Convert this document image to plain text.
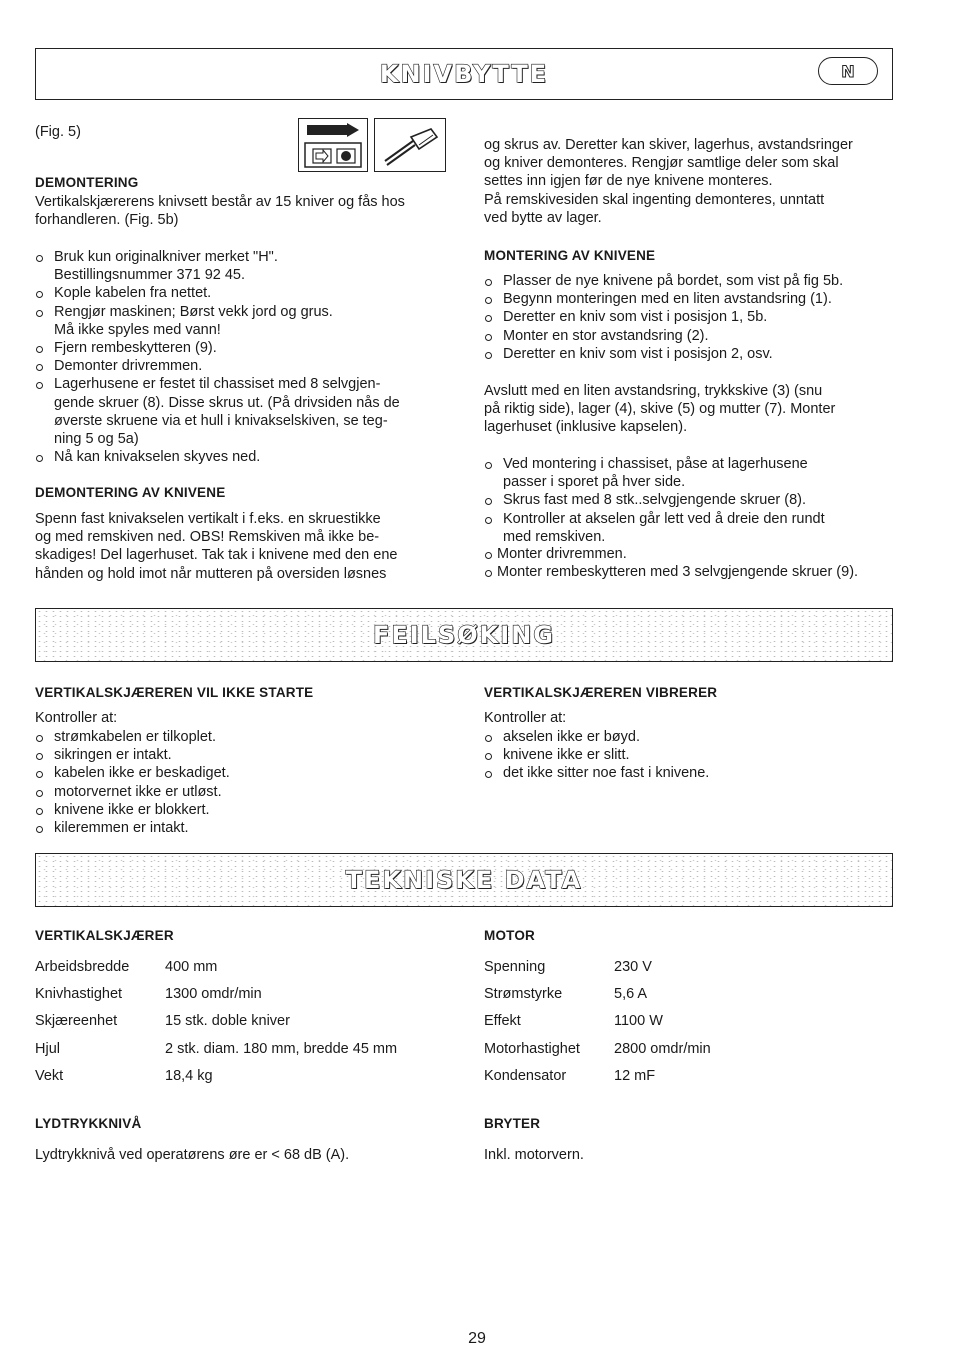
KNIVBYTTE	N
(Fig. 5)
DEMONTERING
Vertikalskjærerens knivsett består av 15 kniver og fås hos
forhandleren. (Fig. 5b)
Bruk kun originalkniver merket "H".
Bestillingsnummer 371 92 45.
Kople kabelen fra nettet.
Rengjør maskinen; Børst vekk jord og grus.
Må ikke spyles med vann!
Fjern rembeskytteren (9).
Demonter drivremmen.
Lagerhusene er festet til chassiset med 8 selvgjen-
gende skruer (8). Disse skrus ut. (På drivsiden nås de
øverste skruene via et hull i knivakselskiven, se teg-
ning 5 og 5a)
Nå kan knivakselen skyves ned.
DEMONTERING AV KNIVENE
Spenn fast knivakselen vertikalt i f.eks. en skruestikke
og med remskiven ned. OBS! Remskiven må ikke be-
skadiges! Del lagerhuset. Tak tak i knivene med den ene
hånden og hold imot når mutteren på oversiden løsnes
og skrus av. Deretter kan skiver, lagerhus, avstandsringer
og kniver demonteres. Rengjør samtlige deler som skal
settes inn igjen før de nye knivene monteres.
På remskivesiden skal ingenting demonteres, unntatt
ved bytte av lager.
MONTERING AV KNIVENE
Plasser de nye knivene på bordet, som vist på fig 5b.
Begynn monteringen med en liten avstandsring (1).
Deretter en kniv som vist i posisjon 1, 5b.
Monter en stor avstandsring (2).
Deretter en kniv som vist i posisjon 2, osv.
Avslutt med en liten avstandsring, trykkskive (3) (snu
på riktig side), lager (4), skive (5) og mutter (7). Monter
lagerhuset (inklusive kapselen).
Ved montering i chassiset, påse at lagerhusene
passer i sporet på hver side.
Skrus fast med 8 stk..selvgjengende skruer (8).
Kontroller at akselen går lett ved å dreie den rundt
med remskiven.
Monter drivremmen.
Monter rembeskytteren med 3 selvgjengende skruer (9).
FEILSØKING
VERTIKALSKJÆREREN VIL IKKE STARTE
Kontroller at:
strømkabelen er tilkoplet.
sikringen er intakt.
kabelen ikke er beskadiget.
motorvernet ikke er utløst.
knivene ikke er blokkert.
kileremmen er intakt.
VERTIKALSKJÆREREN VIBRERER
Kontroller at:
akselen ikke er bøyd.
knivene ikke er slitt.
det ikke sitter noe fast i knivene.
TEKNISKE DATA
VERTIKALSKJÆRER
Arbeidsbredde	400 mm
Knivhastighet	1300 omdr/min
Skjæreenhet	15 stk. doble kniver
Hjul	2 stk. diam. 180 mm, bredde 45 mm
Vekt	18,4 kg
MOTOR
Spenning	230 V
Strømstyrke	5,6 A
Effekt	1100 W
Motorhastighet	2800 omdr/min
Kondensator	12 mF
LYDTRYKKNIVÅ
Lydtrykknivå ved operatørens øre er < 68 dB (A).
BRYTER
Inkl. motorvern.
29
